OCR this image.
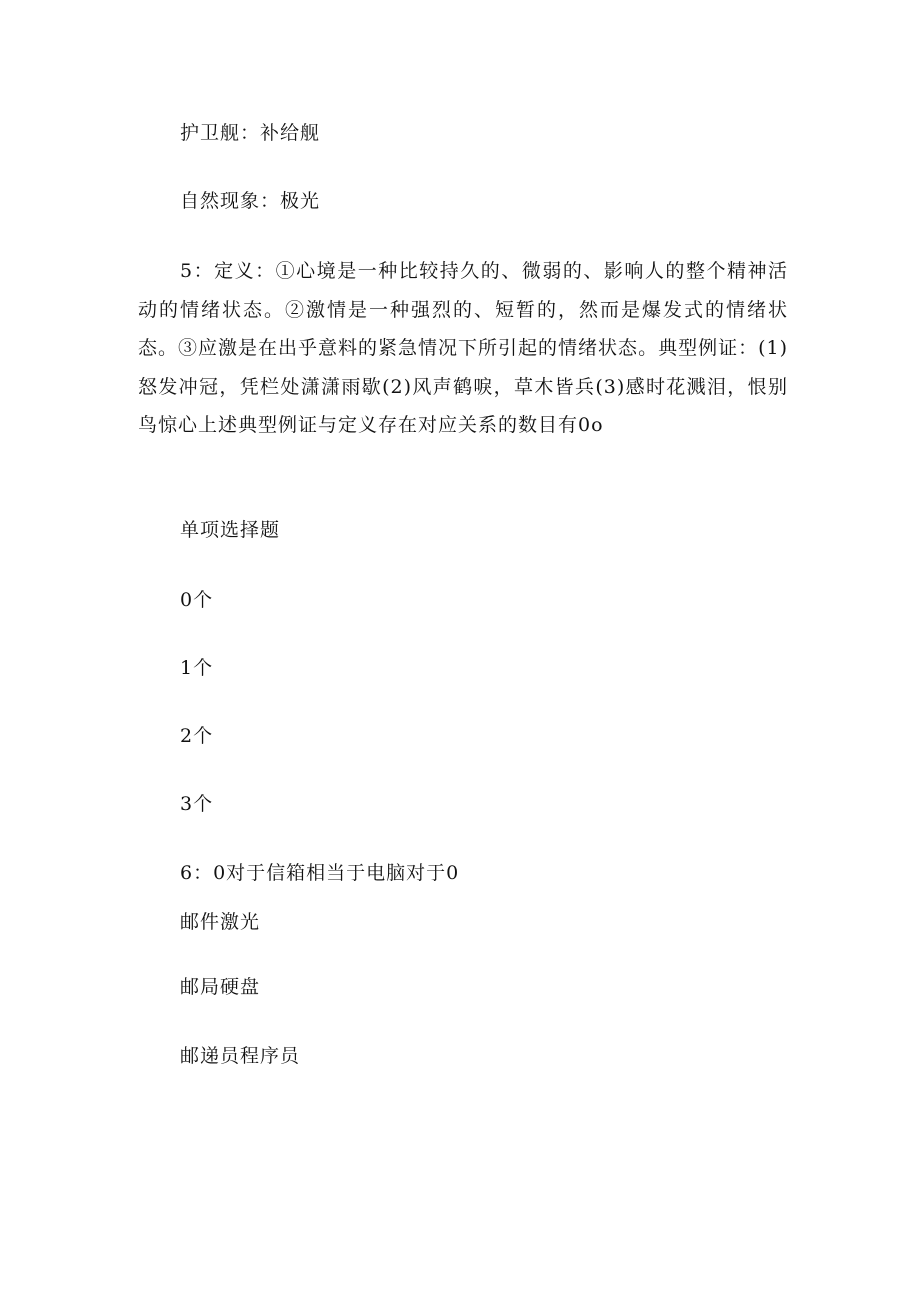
护卫舰：补给舰
自然现象：极光
5：定义：①心境是一种比较持久的、微弱的、影响人的整个精神活动的情绪状态。②激情是一种强烈的、短暂的，然而是爆发式的情绪状态。③应激是在出乎意料的紧急情况下所引起的情绪状态。典型例证：(1)怒发冲冠，凭栏处潇潇雨歇(2)风声鹤唳，草木皆兵(3)感时花溅泪，恨别鸟惊心上述典型例证与定义存在对应关系的数目有0o
单项选择题
0个
1个
2个
3个
6：0对于信箱相当于电脑对于0
邮件激光
邮局硬盘
邮递员程序员
